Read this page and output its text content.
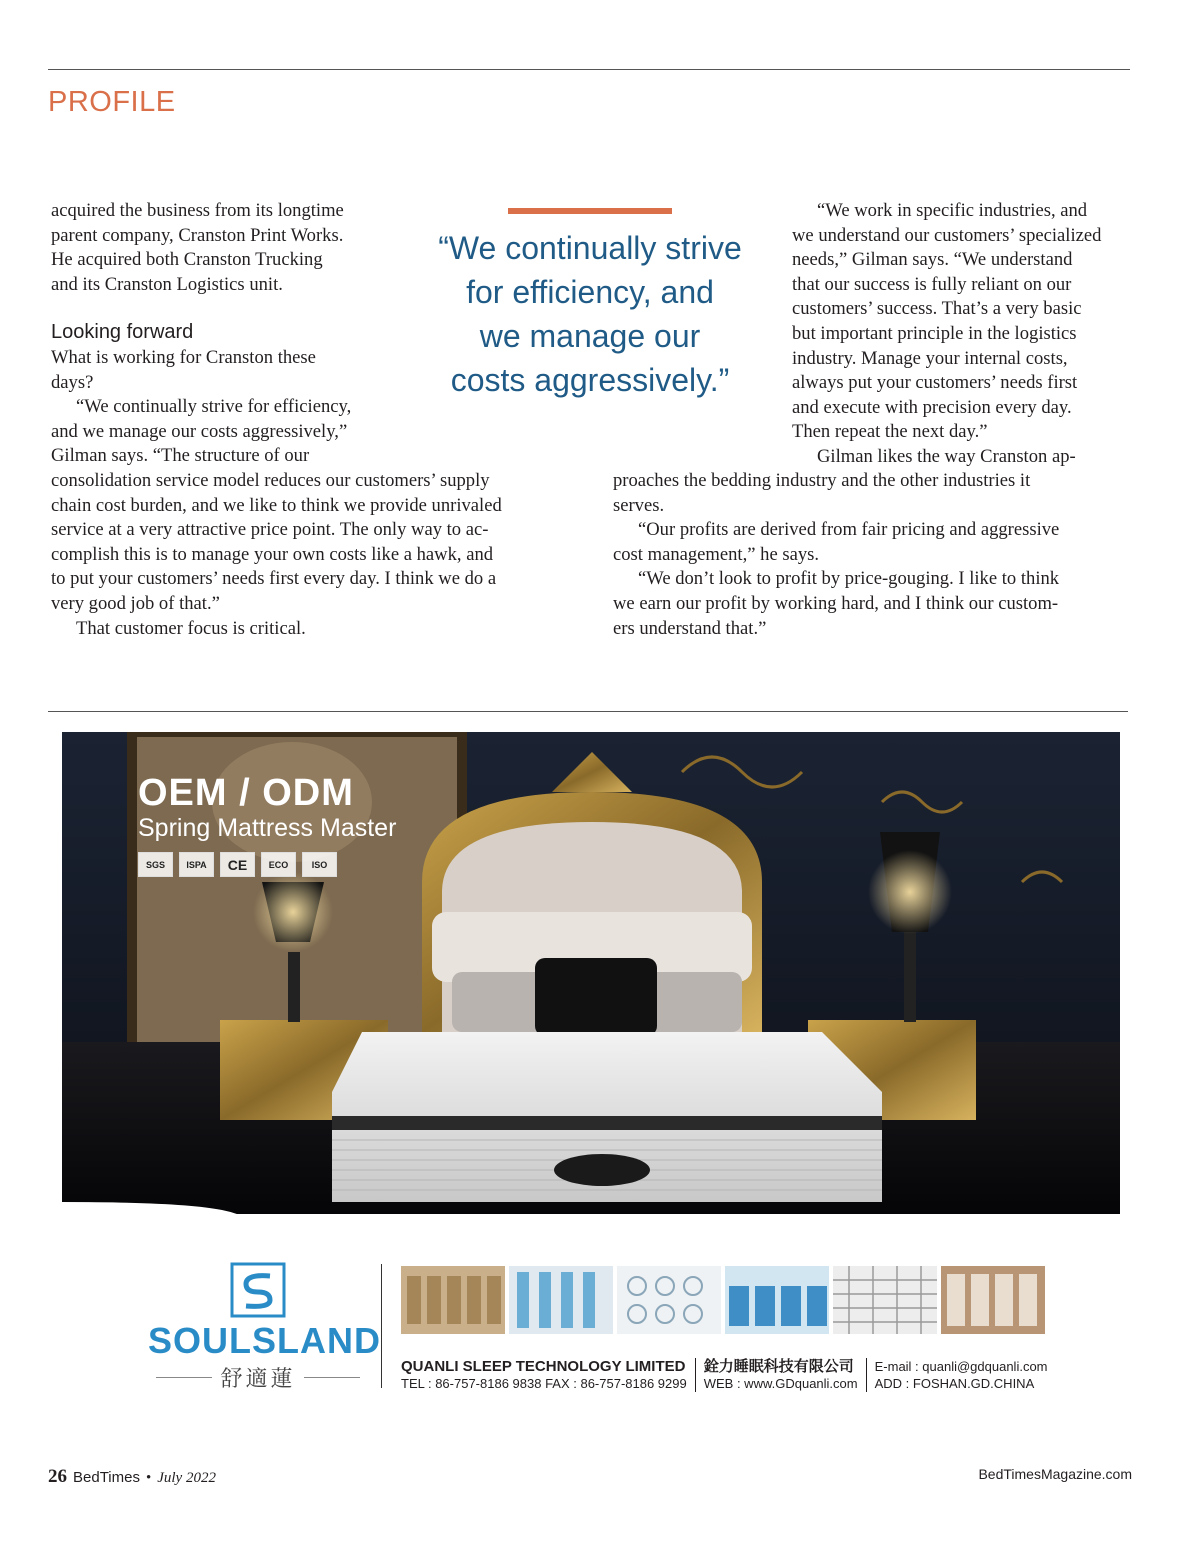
PROFILE
acquired the business from its longtime
parent company, Cranston Print Works.
He acquired both Cranston Trucking
and its Cranston Logistics unit.
Looking forward
What is working for Cranston these
days?
“We continually strive for efficiency,
and we manage our costs aggressively,”
Gilman says. “The structure of our
consolidation service model reduces our customers’ supply
chain cost burden, and we like to think we provide unrivaled
service at a very attractive price point. The only way to ac-
complish this is to manage your own costs like a hawk, and
to put your customers’ needs first every day. I think we do a
very good job of that.”
That customer focus is critical.
“We continually strive
for efficiency, and
we manage our
costs aggressively.”
“We work in specific industries, and
we understand our customers’ specialized
needs,” Gilman says. “We understand
that our success is fully reliant on our
customers’ success. That’s a very basic
but important principle in the logistics
industry. Manage your internal costs,
always put your customers’ needs first
and execute with precision every day.
Then repeat the next day.”
Gilman likes the way Cranston ap-
proaches the bedding industry and the other industries it
serves.
“Our profits are derived from fair pricing and aggressive
cost management,” he says.
“We don’t look to profit by price-gouging. I like to think
we earn our profit by working hard, and I think our custom-
ers understand that.”
OEM / ODM
Spring Mattress Master
SGS	ISPA	CE	ECO	ISO
SOULSLAND
舒適蓮
QUANLI SLEEP TECHNOLOGY LIMITED
TEL : 86-757-8186 9838 FAX : 86-757-8186 9299
銓力睡眠科技有限公司
WEB : www.GDquanli.com
E-mail : quanli@gdquanli.com
ADD : FOSHAN.GD.CHINA
26 BedTimes • July 2022	BedTimesMagazine.com
